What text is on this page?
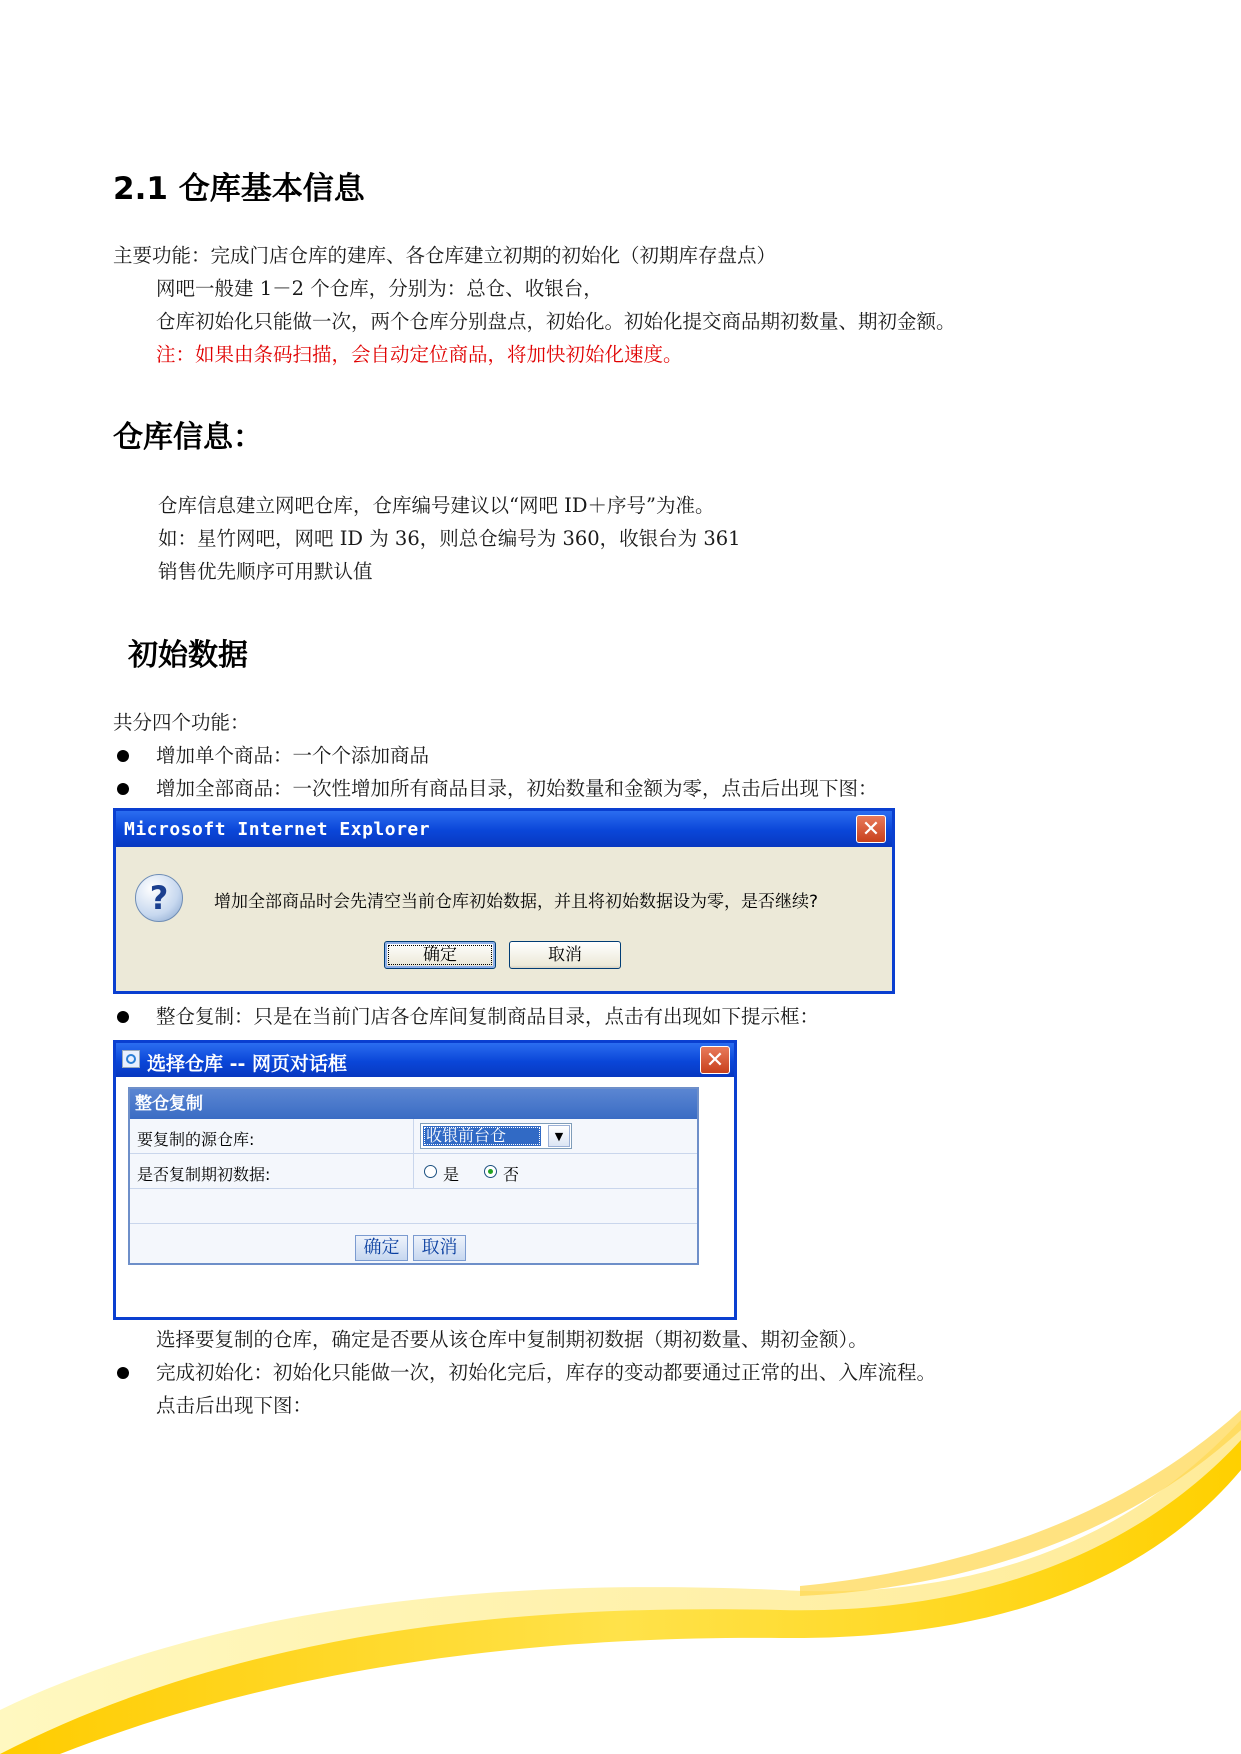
2.1 仓库基本信息
主要功能：完成门店仓库的建库、各仓库建立初期的初始化（初期库存盘点）
网吧一般建 1－2 个仓库，分别为：总仓、收银台，
仓库初始化只能做一次，两个仓库分别盘点，初始化。初始化提交商品期初数量、期初金额。
注：如果由条码扫描，会自动定位商品，将加快初始化速度。
仓库信息：
仓库信息建立网吧仓库，仓库编号建议以“网吧 ID＋序号”为准。
如：星竹网吧，网吧 ID 为 36，则总仓编号为 360，收银台为 361
销售优先顺序可用默认值
初始数据
共分四个功能：
增加单个商品：一个个添加商品
增加全部商品：一次性增加所有商品目录，初始数量和金额为零，点击后出现下图：
Microsoft Internet Explorer	✕
?	增加全部商品时会先清空当前仓库初始数据，并且将初始数据设为零，是否继续?
确定	取消
整仓复制：只是在当前门店各仓库间复制商品目录，点击有出现如下提示框：
选择仓库 -- 网页对话框	✕
整仓复制
要复制的源仓库:	收银前台仓	▼
是否复制期初数据:	是	否
确定	取消
选择要复制的仓库，确定是否要从该仓库中复制期初数据（期初数量、期初金额）。
完成初始化：初始化只能做一次，初始化完后，库存的变动都要通过正常的出、入库流程。
点击后出现下图：
